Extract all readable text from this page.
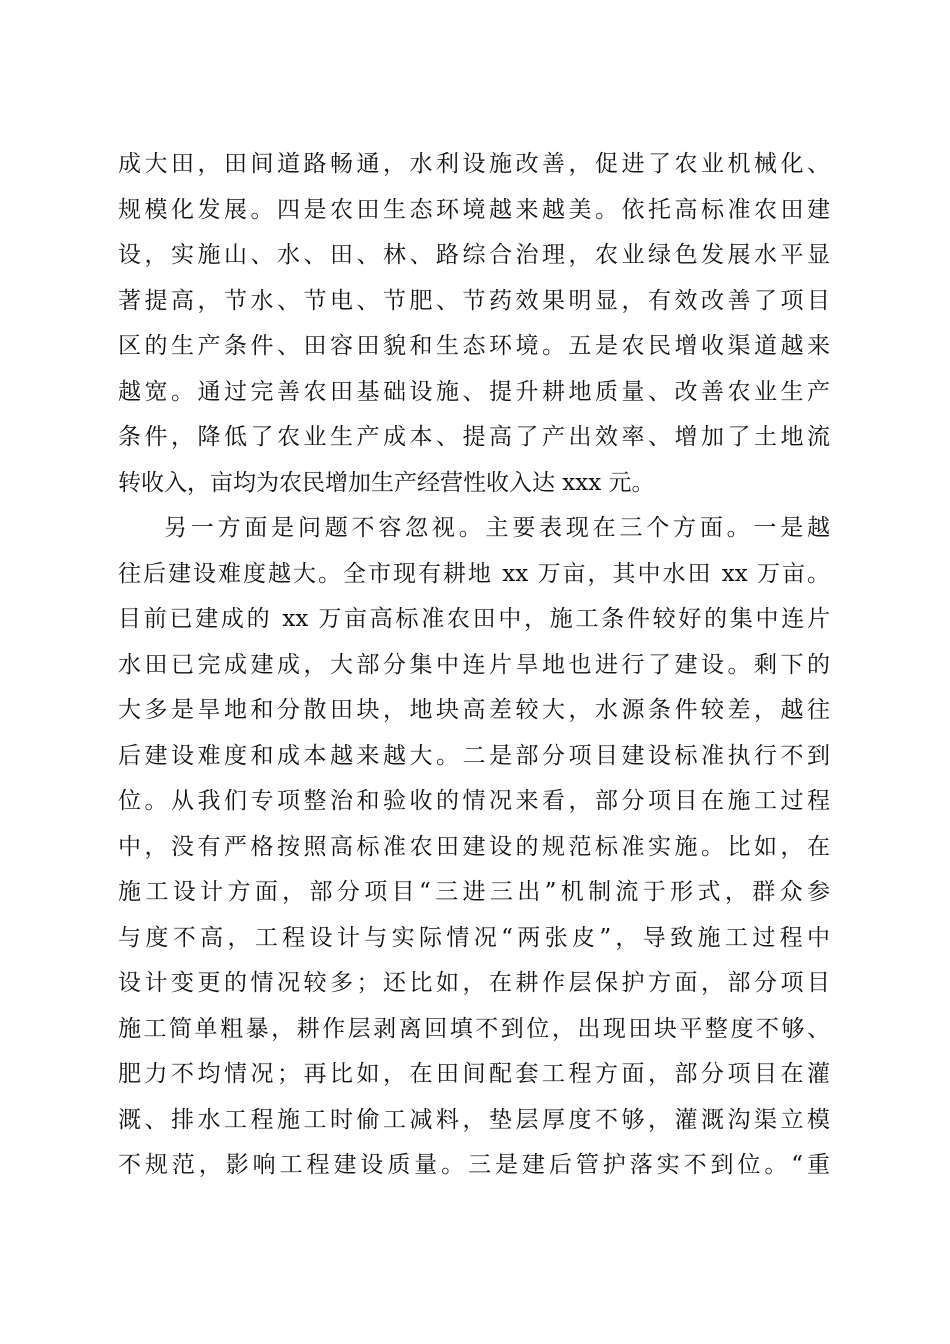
成大田，田间道路畅通，水利设施改善，促进了农业机械化、
规模化发展。四是农田生态环境越来越美。依托高标准农田建
设，实施山、水、田、林、路综合治理，农业绿色发展水平显
著提高，节水、节电、节肥、节药效果明显，有效改善了项目
区的生产条件、田容田貌和生态环境。五是农民增收渠道越来
越宽。通过完善农田基础设施、提升耕地质量、改善农业生产
条件，降低了农业生产成本、提高了产出效率、增加了土地流
转收入，亩均为农民增加生产经营性收入达 xxx 元。
另一方面是问题不容忽视。主要表现在三个方面。一是越
往后建设难度越大。全市现有耕地 xx 万亩，其中水田 xx 万亩。
目前已建成的 xx 万亩高标准农田中，施工条件较好的集中连片
水田已完成建成，大部分集中连片旱地也进行了建设。剩下的
大多是旱地和分散田块，地块高差较大，水源条件较差，越往
后建设难度和成本越来越大。二是部分项目建设标准执行不到
位。从我们专项整治和验收的情况来看，部分项目在施工过程
中，没有严格按照高标准农田建设的规范标准实施。比如，在
施工设计方面，部分项目“三进三出”机制流于形式，群众参
与度不高，工程设计与实际情况“两张皮”，导致施工过程中
设计变更的情况较多；还比如，在耕作层保护方面，部分项目
施工简单粗暴，耕作层剥离回填不到位，出现田块平整度不够、
肥力不均情况；再比如，在田间配套工程方面，部分项目在灌
溉、排水工程施工时偷工减料，垫层厚度不够，灌溉沟渠立模
不规范，影响工程建设质量。三是建后管护落实不到位。“重
